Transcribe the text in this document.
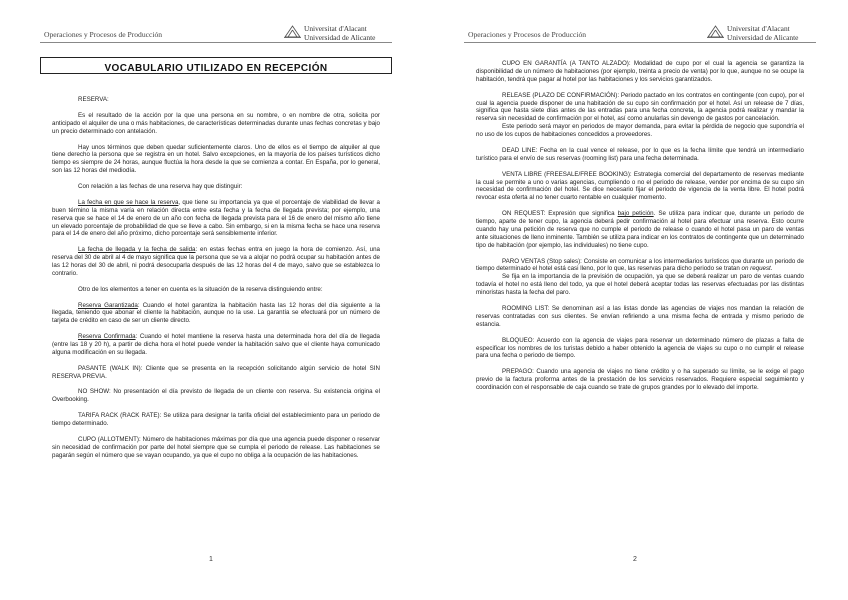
Operaciones y Procesos de Producción
Universitat d'Alacant
Universidad de Alicante
VOCABULARIO UTILIZADO EN RECEPCIÓN

RESERVA:

Es el resultado de la acción por la que una persona en su nombre, o en nombre de otra, solicita por anticipado el alquiler de una o más habitaciones, de características determinadas durante unas fechas concretas y bajo un precio determinado con antelación.

Hay unos términos que deben quedar suficientemente claros. Uno de ellos es el tiempo de alquiler al que tiene derecho la persona que se registra en un hotel. Salvo excepciones, en la mayoría de los países turísticos dicho tiempo es siempre de 24 horas, aunque fluctúa la hora desde la que se comienza a contar. En España, por lo general, son las 12 horas del mediodía.

Con relación a las fechas de una reserva hay que distinguir:

La fecha en que se hace la reserva, que tiene su importancia ya que el porcentaje de viabilidad de llevar a buen término la misma varía en relación directa entre esta fecha y la fecha de llegada prevista; por ejemplo, una reserva que se hace el 14 de enero de un año con fecha de llegada prevista para el 16 de enero del mismo año tiene un elevado porcentaje de probabilidad de que se lleve a cabo. Sin embargo, si en la misma fecha se hace una reserva para el 14 de enero del año próximo, dicho porcentaje será sensiblemente inferior.

La fecha de llegada y la fecha de salida: en estas fechas entra en juego la hora de comienzo. Así, una reserva del 30 de abril al 4 de mayo significa que la persona que se va a alojar no podrá ocupar su habitación antes de las 12 horas del 30 de abril, ni podrá desocuparla después de las 12 horas del 4 de mayo, salvo que se establezca lo contrario.

Otro de los elementos a tener en cuenta es la situación de la reserva distinguiendo entre:

Reserva Garantizada: Cuando el hotel garantiza la habitación hasta las 12 horas del día siguiente a la llegada, teniendo que abonar el cliente la habitación, aunque no la use. La garantía se efectuará por un número de tarjeta de crédito en caso de ser un cliente directo.

Reserva Confirmada: Cuando el hotel mantiene la reserva hasta una determinada hora del día de llegada (entre las 18 y 20 h), a partir de dicha hora el hotel puede vender la habitación salvo que el cliente haya comunicado alguna modificación en su llegada.

PASANTE (WALK IN): Cliente que se presenta en la recepción solicitando algún servicio de hotel SIN RESERVA PREVIA.

NO SHOW: No presentación el día previsto de llegada de un cliente con reserva. Su existencia origina el Overbooking.

TARIFA RACK (RACK RATE): Se utiliza para designar la tarifa oficial del establecimiento para un periodo de tiempo determinado.

CUPO (ALLOTMENT): Número de habitaciones máximas por día que una agencia puede disponer o reservar sin necesidad de confirmación por parte del hotel siempre que se cumpla el periodo de release. Las habitaciones se pagarán según el número que se vayan ocupando, ya que el cupo no obliga a la ocupación de las habitaciones.

1
Operaciones y Procesos de Producción
Universitat d'Alacant
Universidad de Alicante

CUPO EN GARANTÍA (A TANTO ALZADO): Modalidad de cupo por el cual la agencia se garantiza la disponibilidad de un número de habitaciones (por ejemplo, treinta a precio de venta) por lo que, aunque no se ocupe la habitación, tendrá que pagar al hotel por las habitaciones y los servicios garantizados.

RELEASE (PLAZO DE CONFIRMACIÓN): Periodo pactado en los contratos en contingente (con cupo), por el cual la agencia puede disponer de una habitación de su cupo sin confirmación por el hotel. Así un release de 7 días, significa que hasta siete días antes de las entradas para una fecha concreta, la agencia podrá realizar y mandar la reserva sin necesidad de confirmación por el hotel, así como anularlas sin devengo de gastos por cancelación.

Este periodo será mayor en periodos de mayor demanda, para evitar la pérdida de negocio que supondría el no uso de los cupos de habitaciones concedidos a proveedores.

DEAD LINE: Fecha en la cual vence el release, por lo que es la fecha límite que tendrá un intermediario turístico para el envío de sus reservas (rooming list) para una fecha determinada.

VENTA LIBRE (FREESALE/FREE BOOKING): Estrategia comercial del departamento de reservas mediante la cual se permite a uno o varias agencias, cumpliendo o no el periodo de release, vender por encima de su cupo sin necesidad de confirmación del hotel. Se dice necesario fijar el periodo de vigencia de la venta libre. El hotel podrá revocar esta oferta al no tener cuarto rentable en cualquier momento.

ON REQUEST: Expresión que significa bajo petición. Se utiliza para indicar que, durante un periodo de tiempo, aparte de tener cupo, la agencia deberá pedir confirmación al hotel para efectuar una reserva. Esto ocurre cuando hay una petición de reserva que no cumple el periodo de release o cuando el hotel pasa un paro de ventas ante situaciones de lleno inminente. También se utiliza para indicar en los contratos de contingente que un determinado tipo de habitación (por ejemplo, las individuales) no tiene cupo.

PARO VENTAS (Stop sales): Consiste en comunicar a los intermediarios turísticos que durante un periodo de tiempo determinado el hotel está casi lleno, por lo que, las reservas para dicho periodo se tratan on request.

Se fija en la importancia de la previsión de ocupación, ya que se deberá realizar un paro de ventas cuando todavía el hotel no está lleno del todo, ya que el hotel deberá aceptar todas las reservas efectuadas por las distintas minoristas hasta la fecha del paro.

ROOMING LIST: Se denominan así a las listas donde las agencias de viajes nos mandan la relación de reservas contratadas con sus clientes. Se envían refiriendo a una misma fecha de entrada y mismo periodo de estancia.

BLOQUEO: Acuerdo con la agencia de viajes para reservar un determinado número de plazas a falta de especificar los nombres de los turistas debido a haber obtenido la agencia de viajes su cupo o no cumplir el release para una fecha o periodo de tiempo.

PREPAGO: Cuando una agencia de viajes no tiene crédito y o ha superado su límite, se le exige el pago previo de la factura proforma antes de la prestación de los servicios reservados. Requiere especial seguimiento y coordinación con el responsable de caja cuando se trate de grupos grandes por lo elevado del importe.

2
